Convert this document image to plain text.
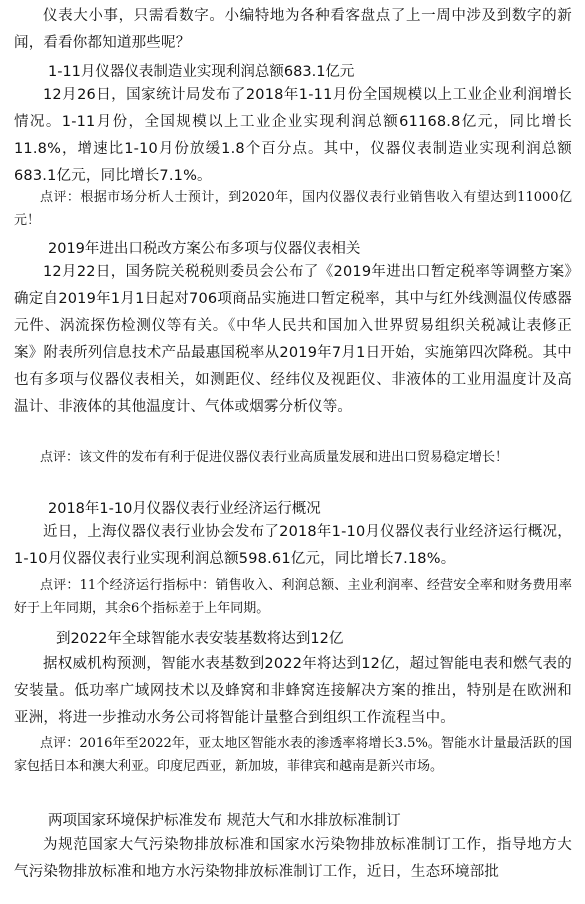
仪表大小事，只需看数字。小编特地为各种看客盘点了上一周中涉及到数字的新闻，看看你都知道那些呢？

1-11月仪器仪表制造业实现利润总额683.1亿元

12月26日，国家统计局发布了2018年1-11月份全国规模以上工业企业利润增长情况。1-11月份，全国规模以上工业企业实现利润总额61168.8亿元，同比增长11.8%，增速比1-10月份放缓1.8个百分点。其中，仪器仪表制造业实现利润总额683.1亿元，同比增长7.1%。

点评：根据市场分析人士预计，到2020年，国内仪器仪表行业销售收入有望达到11000亿元！

2019年进出口税改方案公布多项与仪器仪表相关

12月22日，国务院关税税则委员会公布了《2019年进出口暂定税率等调整方案》确定自2019年1月1日起对706项商品实施进口暂定税率，其中与红外线测温仪传感器元件、涡流探伤检测仪等有关。《中华人民共和国加入世界贸易组织关税减让表修正案》附表所列信息技术产品最惠国税率从2019年7月1日开始，实施第四次降税。其中也有多项与仪器仪表相关，如测距仪、经纬仪及视距仪、非液体的工业用温度计及高温计、非液体的其他温度计、气体或烟雾分析仪等。

点评：该文件的发布有利于促进仪器仪表行业高质量发展和进出口贸易稳定增长！

2018年1-10月仪器仪表行业经济运行概况

近日，上海仪器仪表行业协会发布了2018年1-10月仪器仪表行业经济运行概况，1-10月仪器仪表行业实现利润总额598.61亿元，同比增长7.18%。

点评：11个经济运行指标中：销售收入、利润总额、主业利润率、经营安全率和财务费用率好于上年同期，其余6个指标差于上年同期。

到2022年全球智能水表安装基数将达到12亿

据权威机构预测，智能水表基数到2022年将达到12亿，超过智能电表和燃气表的安装量。低功率广域网技术以及蜂窝和非蜂窝连接解决方案的推出，特别是在欧洲和亚洲，将进一步推动水务公司将智能计量整合到组织工作流程当中。

点评：2016年至2022年，亚太地区智能水表的渗透率将增长3.5%。智能水计量最活跃的国家包括日本和澳大利亚。印度尼西亚，新加坡，菲律宾和越南是新兴市场。

两项国家环境保护标准发布 规范大气和水排放标准制订

为规范国家大气污染物排放标准和国家水污染物排放标准制订工作，指导地方大气污染物排放标准和地方水污染物排放标准制订工作，近日，生态环境部批
